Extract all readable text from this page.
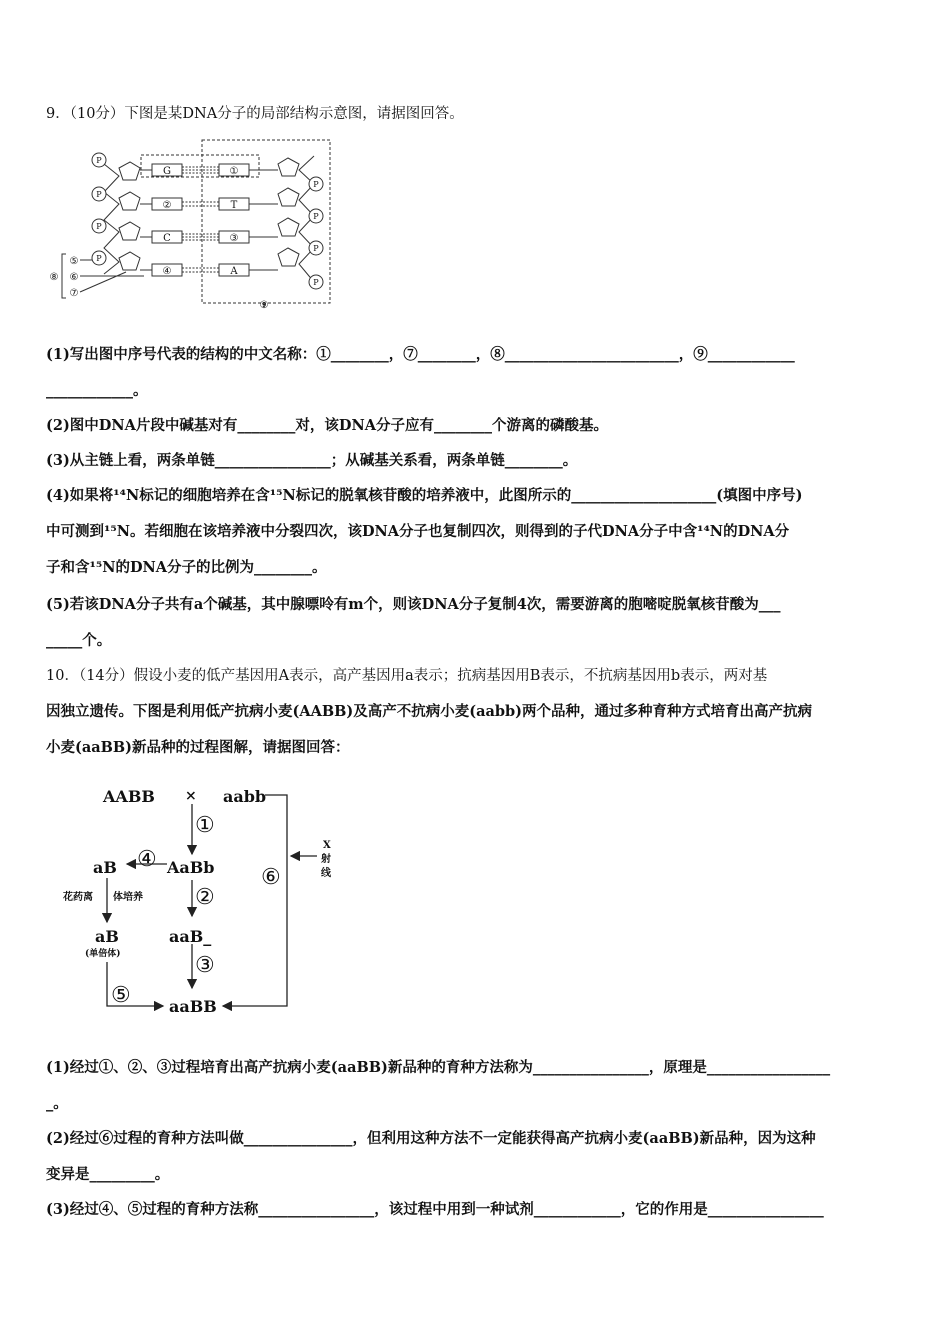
9．（10分）下图是某DNA分子的局部结构示意图，请据图回答。
P
P
P
P
P
P
P
P
G
②
C
④
①
T
③
A
⑤
⑥
⑦
⑧
⑨
(1)写出图中序号代表的结构的中文名称：①________，⑦________，⑧________________________，⑨____________
____________。
(2)图中DNA片段中碱基对有________对，该DNA分子应有________个游离的磷酸基。
(3)从主链上看，两条单链________________；从碱基关系看，两条单链________。
(4)如果将¹⁴N标记的细胞培养在含¹⁵N标记的脱氧核苷酸的培养液中，此图所示的____________________(填图中序号)
中可测到¹⁵N。若细胞在该培养液中分裂四次，该DNA分子也复制四次，则得到的子代DNA分子中含¹⁴N的DNA分
子和含¹⁵N的DNA分子的比例为________。
(5)若该DNA分子共有a个碱基，其中腺嘌呤有m个，则该DNA分子复制4次，需要游离的胞嘧啶脱氧核苷酸为___
_____个。
10．（14分）假设小麦的低产基因用A表示，高产基因用a表示；抗病基因用B表示，不抗病基因用b表示，两对基
因独立遗传。下图是利用低产抗病小麦(AABB)及高产不抗病小麦(aabb)两个品种，通过多种育种方式培育出高产抗病
小麦(aaBB)新品种的过程图解，请据图回答：
AABB × aabb
AaBb
aB
aB	aaB_
aaBB
(单倍体)
花药离 体培养
X
射
线
①
②
③
④
⑤
⑥
(1)经过①、②、③过程培育出高产抗病小麦(aaBB)新品种的育种方法称为________________，原理是_________________
_。
(2)经过⑥过程的育种方法叫做_______________，但利用这种方法不一定能获得高产抗病小麦(aaBB)新品种，因为这种
变异是_________。
(3)经过④、⑤过程的育种方法称________________，该过程中用到一种试剂____________，它的作用是________________
